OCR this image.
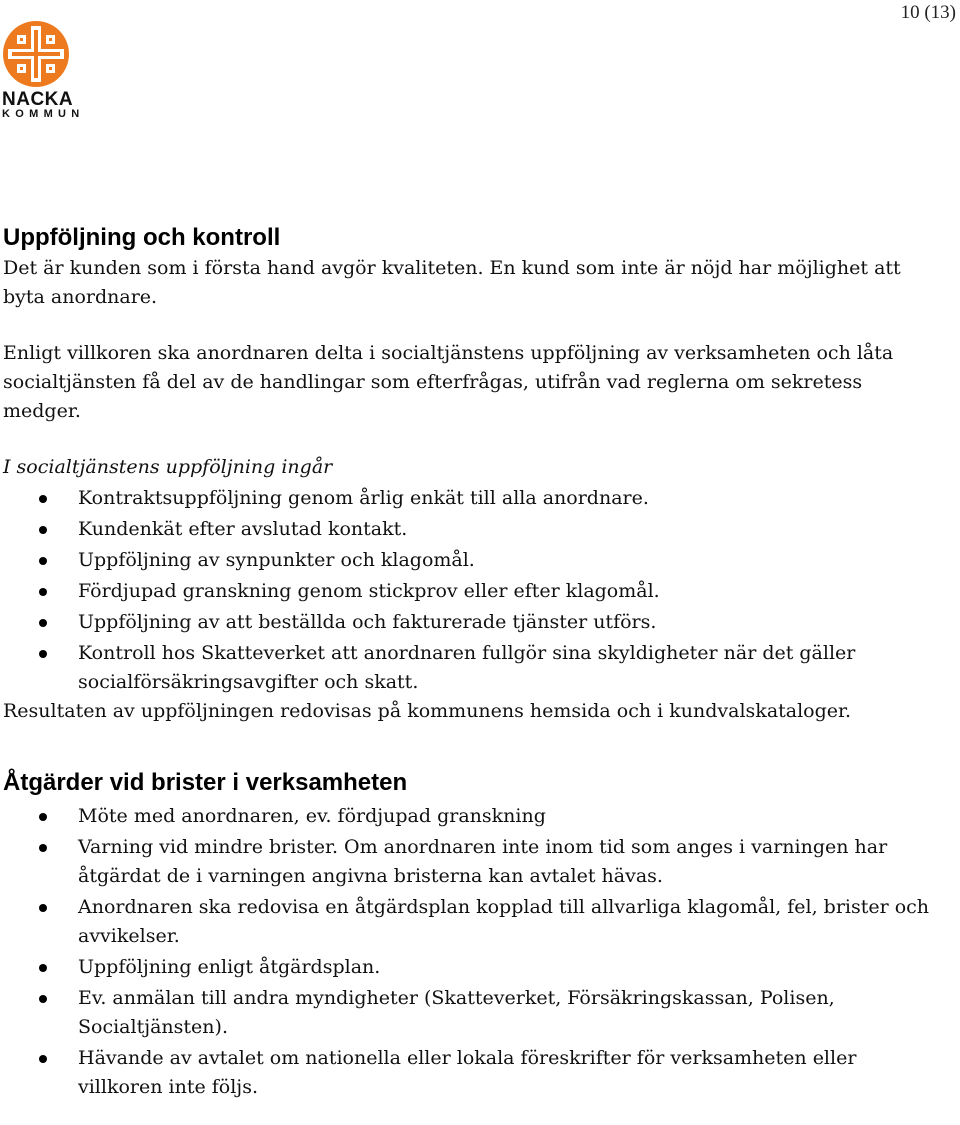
10 (13)
NACKA
KOMMUN
Uppföljning och kontroll

Det är kunden som i första hand avgör kvaliteten. En kund som inte är nöjd har möjlighet att byta anordnare.

Enligt villkoren ska anordnaren delta i socialtjänstens uppföljning av verksamheten och låta socialtjänsten få del av de handlingar som efterfrågas, utifrån vad reglerna om sekretess medger.

I socialtjänstens uppföljning ingår

Kontraktsuppföljning genom årlig enkät till alla anordnare.
Kundenkät efter avslutad kontakt.
Uppföljning av synpunkter och klagomål.
Fördjupad granskning genom stickprov eller efter klagomål.
Uppföljning av att beställda och fakturerade tjänster utförs.
Kontroll hos Skatteverket att anordnaren fullgör sina skyldigheter när det gäller socialförsäkringsavgifter och skatt.

Resultaten av uppföljningen redovisas på kommunens hemsida och i kundvalskataloger.

Åtgärder vid brister i verksamheten
Möte med anordnaren, ev. fördjupad granskning
Varning vid mindre brister. Om anordnaren inte inom tid som anges i varningen har åtgärdat de i varningen angivna bristerna kan avtalet hävas.
Anordnaren ska redovisa en åtgärdsplan kopplad till allvarliga klagomål, fel, brister och avvikelser.
Uppföljning enligt åtgärdsplan.
Ev. anmälan till andra myndigheter (Skatteverket, Försäkringskassan, Polisen, Socialtjänsten).
Hävande av avtalet om nationella eller lokala föreskrifter för verksamheten eller villkoren inte följs.
